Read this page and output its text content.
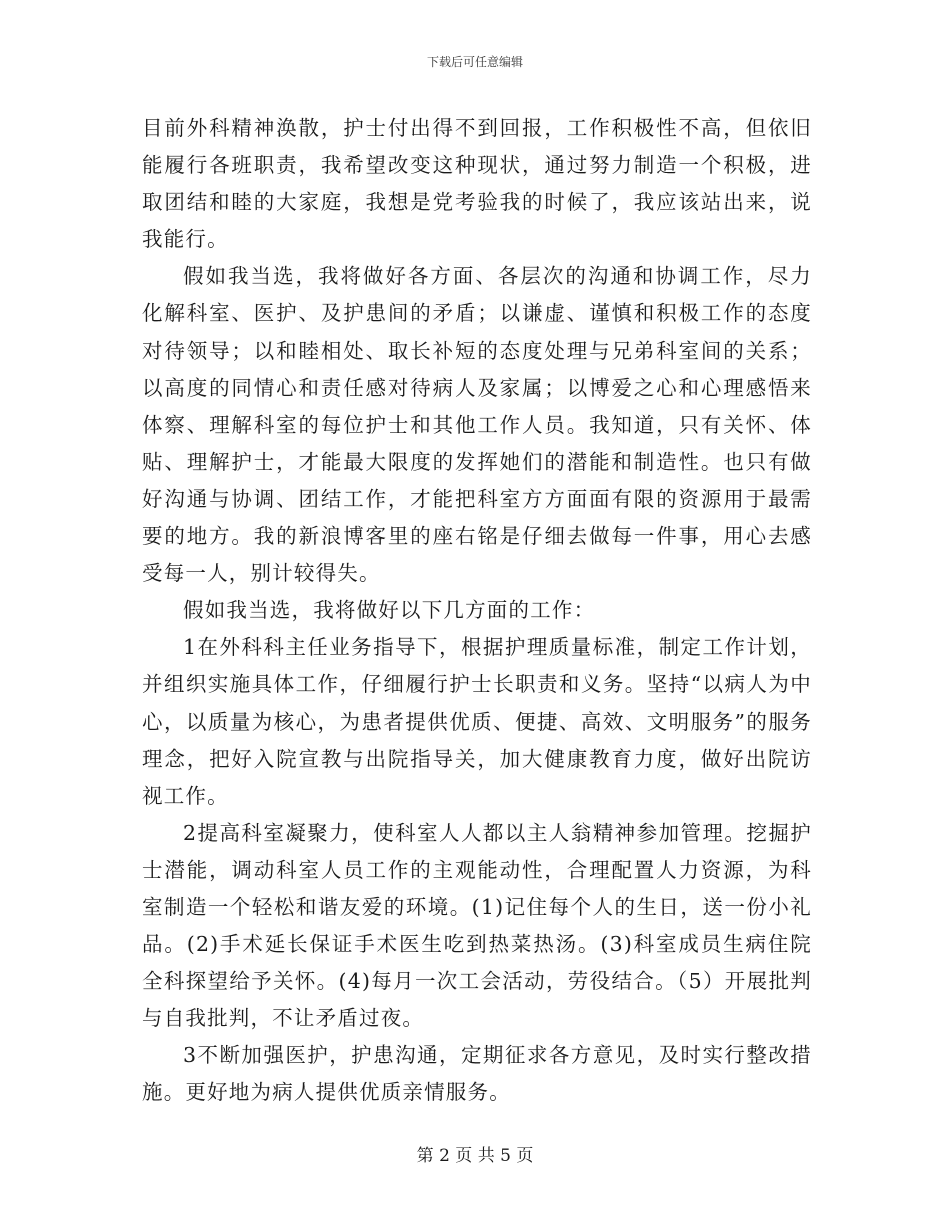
下载后可任意编辑

目前外科精神涣散，护士付出得不到回报，工作积极性不高，但依旧能履行各班职责，我希望改变这种现状，通过努力制造一个积极，进取团结和睦的大家庭，我想是党考验我的时候了，我应该站出来，说我能行。

假如我当选，我将做好各方面、各层次的沟通和协调工作，尽力化解科室、医护、及护患间的矛盾；以谦虚、谨慎和积极工作的态度对待领导；以和睦相处、取长补短的态度处理与兄弟科室间的关系；以高度的同情心和责任感对待病人及家属；以博爱之心和心理感悟来体察、理解科室的每位护士和其他工作人员。我知道，只有关怀、体贴、理解护士，才能最大限度的发挥她们的潜能和制造性。也只有做好沟通与协调、团结工作，才能把科室方方面面有限的资源用于最需要的地方。我的新浪博客里的座右铭是仔细去做每一件事，用心去感受每一人，别计较得失。

假如我当选，我将做好以下几方面的工作：

1在外科科主任业务指导下，根据护理质量标准，制定工作计划，并组织实施具体工作，仔细履行护士长职责和义务。坚持“以病人为中心，以质量为核心，为患者提供优质、便捷、高效、文明服务”的服务理念，把好入院宣教与出院指导关，加大健康教育力度，做好出院访视工作。

2提高科室凝聚力，使科室人人都以主人翁精神参加管理。挖掘护士潜能，调动科室人员工作的主观能动性，合理配置人力资源，为科室制造一个轻松和谐友爱的环境。(1)记住每个人的生日，送一份小礼品。(2)手术延长保证手术医生吃到热菜热汤。(3)科室成员生病住院全科探望给予关怀。(4)每月一次工会活动，劳役结合。（5）开展批判与自我批判，不让矛盾过夜。

3不断加强医护，护患沟通，定期征求各方意见，及时实行整改措施。更好地为病人提供优质亲情服务。

第 2 页 共 5 页
